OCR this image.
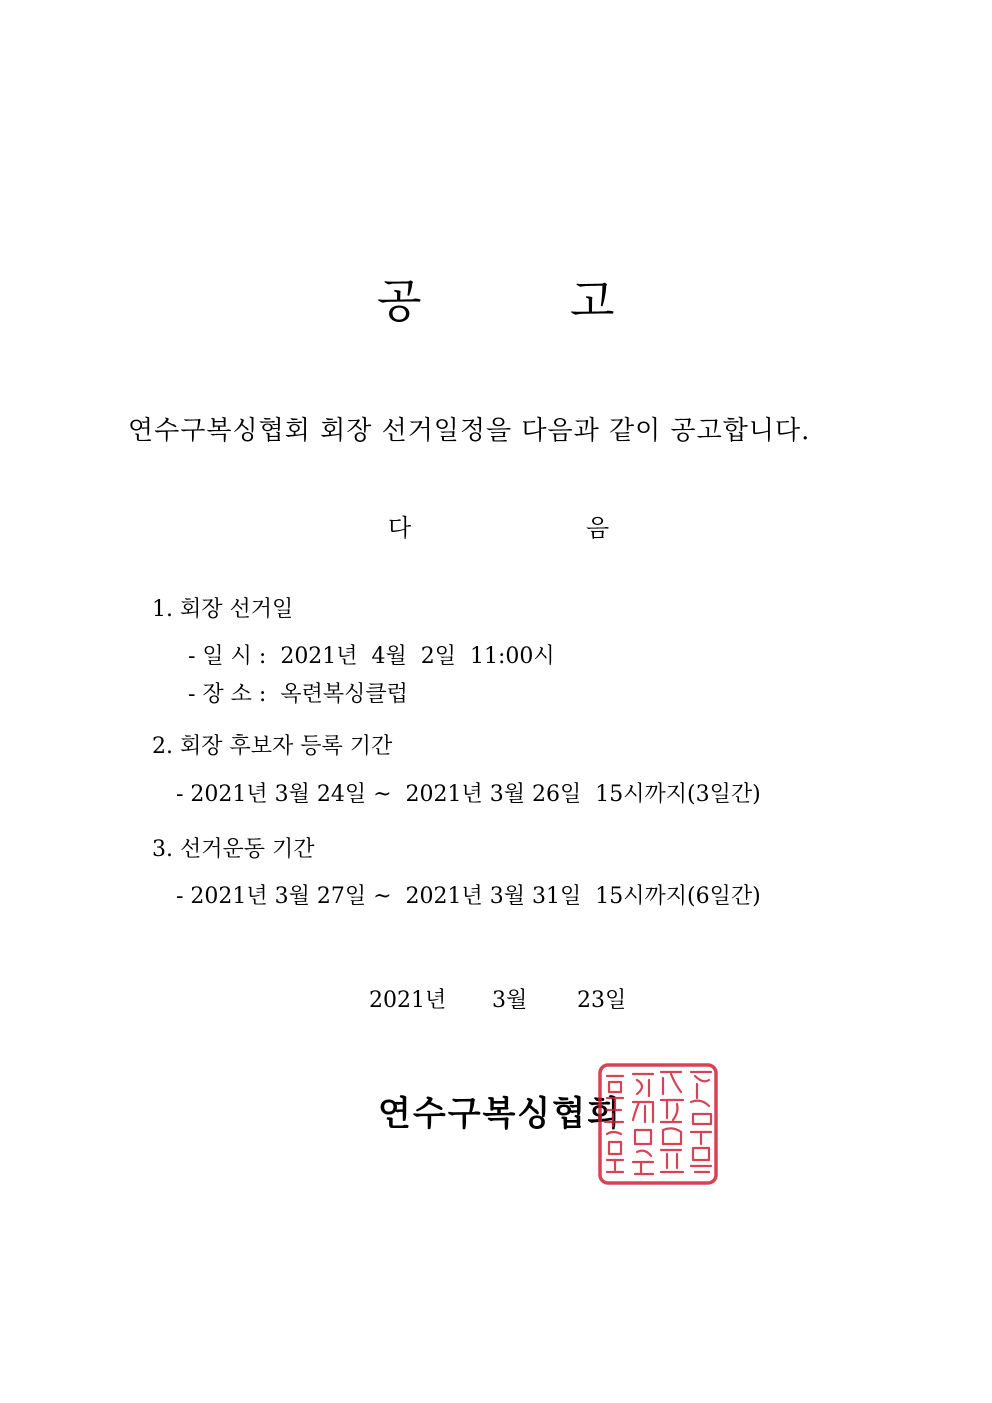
공	고
연수구복싱협회 회장 선거일정을 다음과 같이 공고합니다.
다	음
1. 회장 선거일
- 일 시 :  2021년  4월  2일  11:00시
- 장 소 :  옥련복싱클럽
2. 회장 후보자 등록 기간
- 2021년 3월 24일 ~  2021년 3월 26일  15시까지(3일간)
3. 선거운동 기간
- 2021년 3월 27일 ~  2021년 3월 31일  15시까지(6일간)
2021년 3월 23일
연수구복싱협회
